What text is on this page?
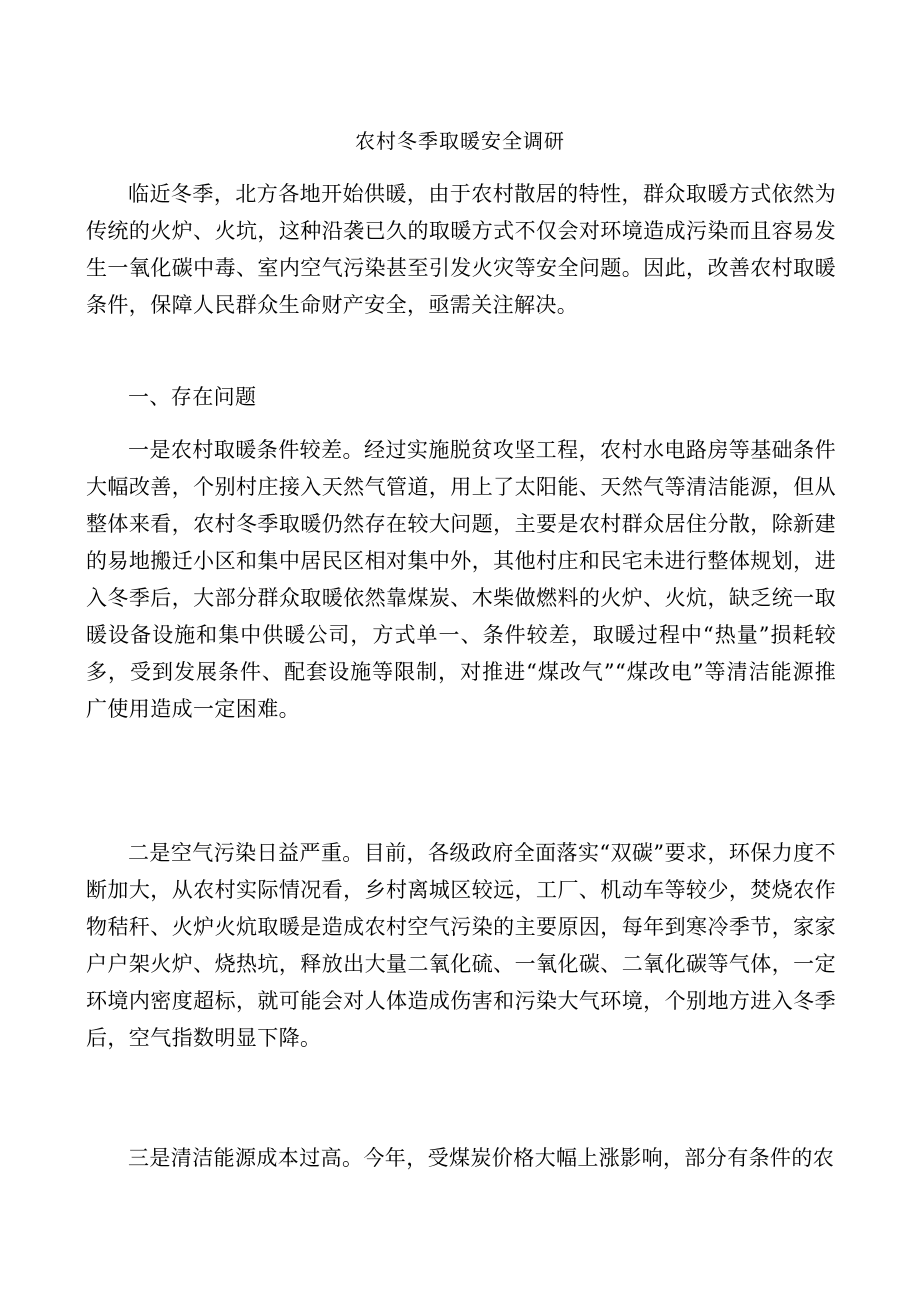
农村冬季取暖安全调研

临近冬季，北方各地开始供暖，由于农村散居的特性，群众取暖方式依然为传统的火炉、火坑，这种沿袭已久的取暖方式不仅会对环境造成污染而且容易发生一氧化碳中毒、室内空气污染甚至引发火灾等安全问题。因此，改善农村取暖条件，保障人民群众生命财产安全，亟需关注解决。

一、存在问题

一是农村取暖条件较差。经过实施脱贫攻坚工程，农村水电路房等基础条件大幅改善，个别村庄接入天然气管道，用上了太阳能、天然气等清洁能源，但从整体来看，农村冬季取暖仍然存在较大问题，主要是农村群众居住分散，除新建的易地搬迁小区和集中居民区相对集中外，其他村庄和民宅未进行整体规划，进入冬季后，大部分群众取暖依然靠煤炭、木柴做燃料的火炉、火炕，缺乏统一取暖设备设施和集中供暖公司，方式单一、条件较差，取暖过程中“热量”损耗较多，受到发展条件、配套设施等限制，对推进“煤改气”“煤改电”等清洁能源推广使用造成一定困难。

二是空气污染日益严重。目前，各级政府全面落实“双碳”要求，环保力度不断加大，从农村实际情况看，乡村离城区较远，工厂、机动车等较少，焚烧农作物秸秆、火炉火炕取暖是造成农村空气污染的主要原因，每年到寒冷季节，家家户户架火炉、烧热坑，释放出大量二氧化硫、一氧化碳、二氧化碳等气体，一定环境内密度超标，就可能会对人体造成伤害和污染大气环境，个别地方进入冬季后，空气指数明显下降。

三是清洁能源成本过高。今年，受煤炭价格大幅上涨影响，部分有条件的农
